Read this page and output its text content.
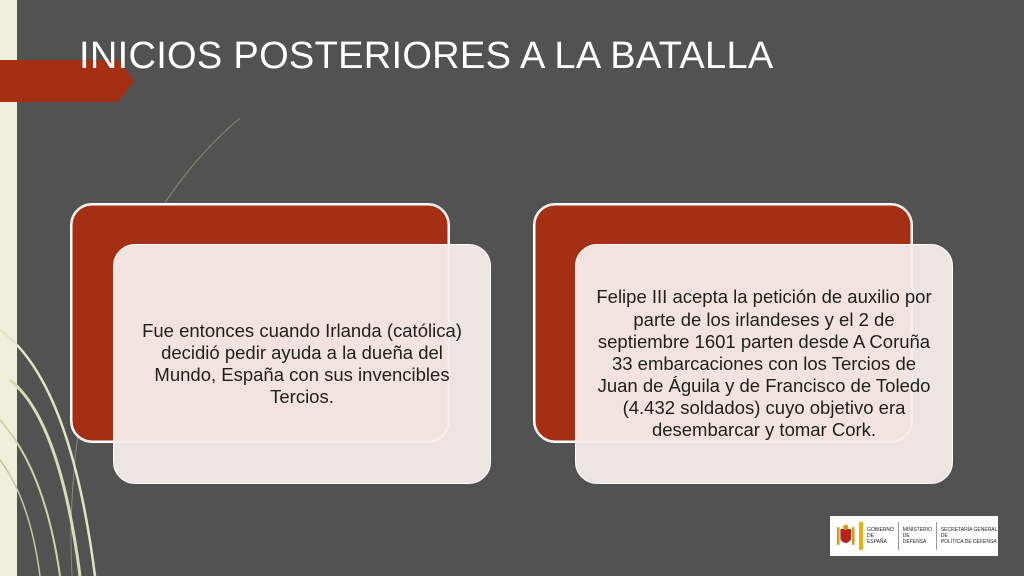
INICIOS POSTERIORES A LA BATALLA

Fue entonces cuando Irlanda (católica) decidió pedir ayuda a la dueña del Mundo, España con sus invencibles Tercios.

Felipe III acepta la petición de auxilio por parte de los irlandeses y el 2 de septiembre 1601 parten desde A Coruña 33 embarcaciones con los Tercios de Juan de Águila y de Francisco de Toledo (4.432 soldados) cuyo objetivo era desembarcar y tomar Cork.

GOBIERNO
DE ESPAÑA
MINISTERIO
DE DEFENSA
SECRETARÍA GENERAL DE
POLÍTICA DE DEFENSA
